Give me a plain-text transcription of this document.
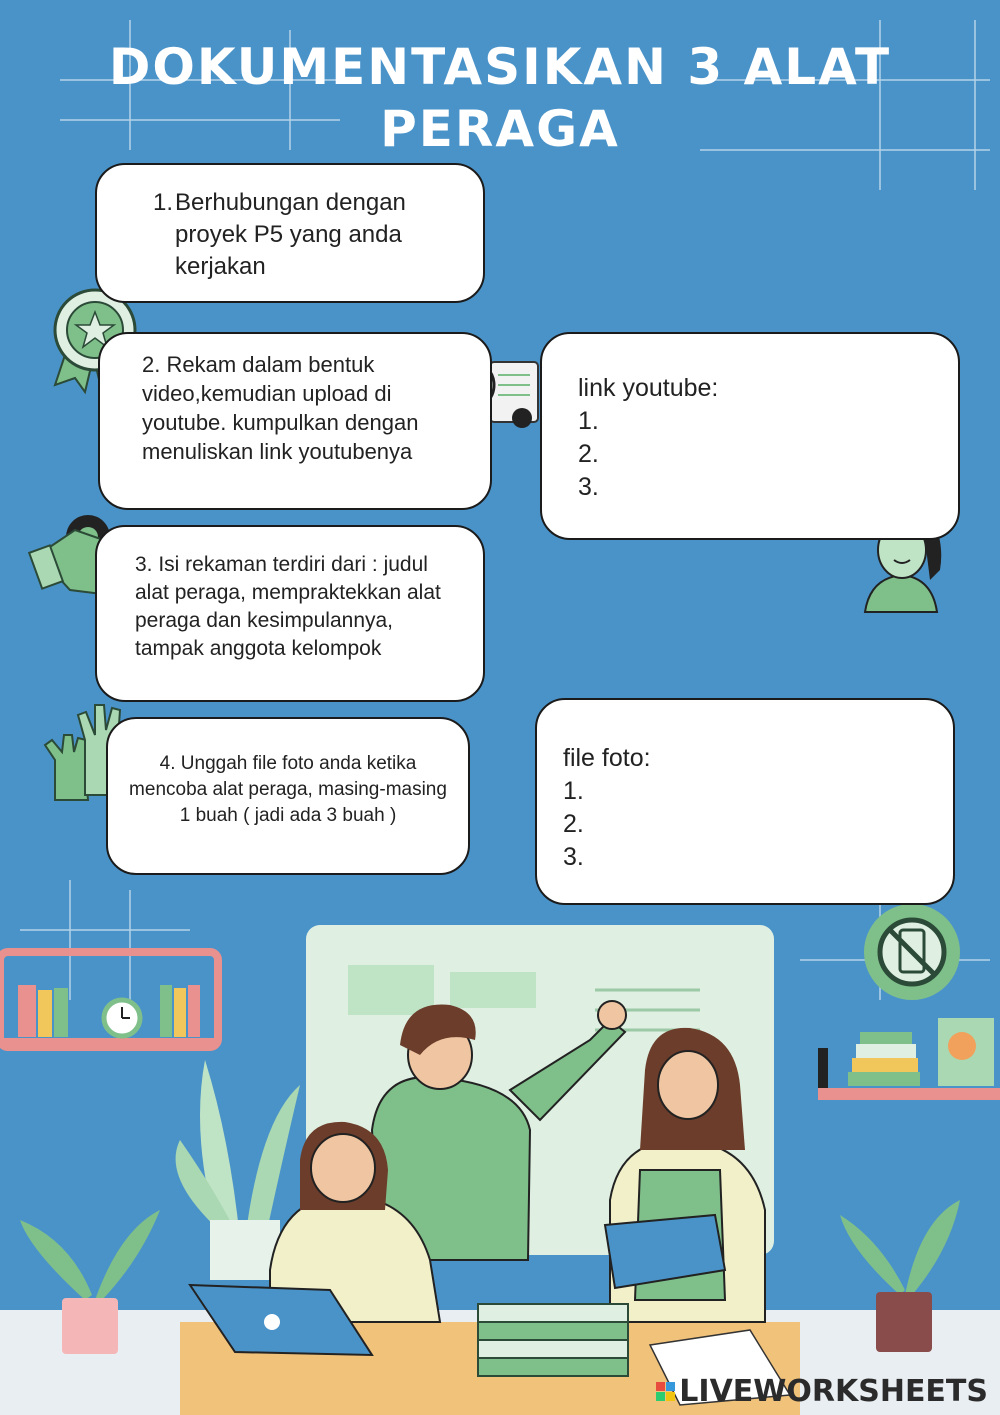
DOKUMENTASIKAN 3 ALAT PERAGA
1. Berhubungan dengan proyek P5 yang anda kerjakan

2. Rekam dalam bentuk video,kemudian upload di youtube. kumpulkan dengan menuliskan link youtubenya

3. Isi rekaman terdiri dari : judul alat peraga, mempraktekkan alat peraga dan kesimpulannya, tampak anggota kelompok

4. Unggah file foto anda ketika mencoba alat peraga, masing-masing 1 buah ( jadi ada 3 buah )

link youtube:
1.
2.
3.
file foto:
1.
2.
3.
LIVEWORKSHEETS
